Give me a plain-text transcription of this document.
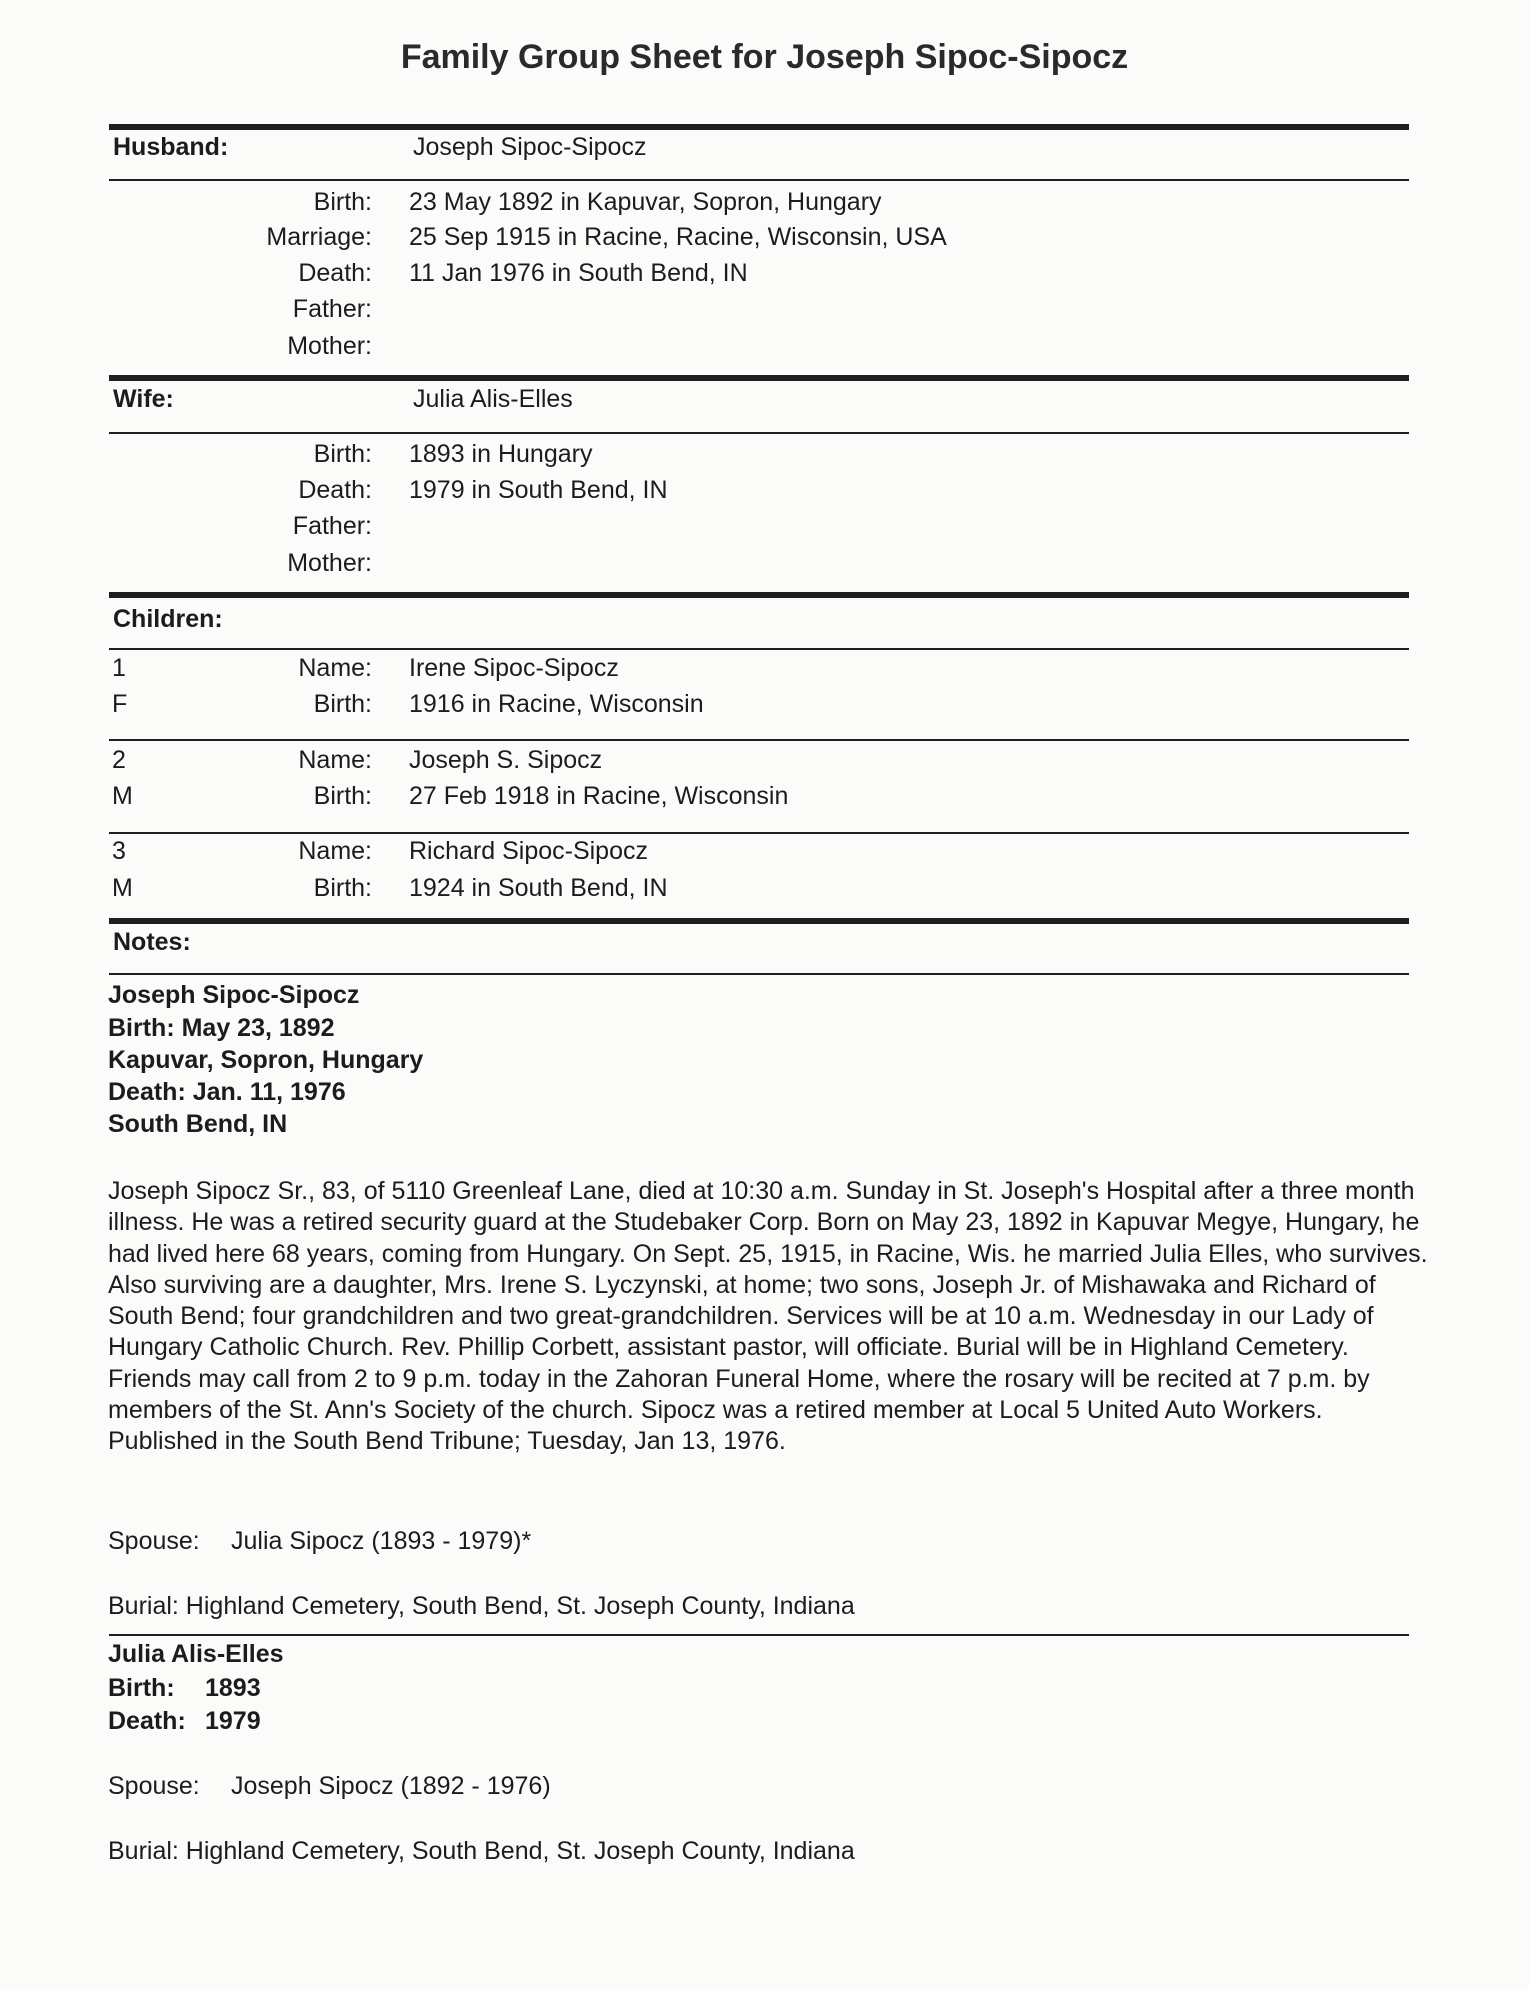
Family Group Sheet for Joseph Sipoc-Sipocz
Husband:	Joseph Sipoc-Sipocz
Birth: 23 May 1892 in Kapuvar, Sopron, Hungary
Marriage: 25 Sep 1915 in Racine, Racine, Wisconsin, USA
Death: 11 Jan 1976 in South Bend, IN
Father:
Mother:
Wife:	Julia Alis-Elles
Birth: 1893 in Hungary
Death: 1979 in South Bend, IN
Father:
Mother:
Children:
1	Name: Irene Sipoc-Sipocz
F	Birth: 1916 in Racine, Wisconsin
2	Name: Joseph S. Sipocz
M	Birth: 27 Feb 1918 in Racine, Wisconsin
3	Name: Richard Sipoc-Sipocz
M	Birth: 1924 in South Bend, IN
Notes:
Joseph Sipoc-Sipocz
Birth: May 23, 1892
Kapuvar, Sopron, Hungary
Death: Jan. 11, 1976
South Bend, IN

Joseph Sipocz Sr., 83, of 5110 Greenleaf Lane, died at 10:30 a.m. Sunday in St. Joseph's Hospital after a three month illness. He was a retired security guard at the Studebaker Corp. Born on May 23, 1892 in Kapuvar Megye, Hungary, he had lived here 68 years, coming from Hungary. On Sept. 25, 1915, in Racine, Wis. he married Julia Elles, who survives. Also surviving are a daughter, Mrs. Irene S. Lyczynski, at home; two sons, Joseph Jr. of Mishawaka and Richard of South Bend; four grandchildren and two great-grandchildren. Services will be at 10 a.m. Wednesday in our Lady of Hungary Catholic Church. Rev. Phillip Corbett, assistant pastor, will officiate. Burial will be in Highland Cemetery. Friends may call from 2 to 9 p.m. today in the Zahoran Funeral Home, where the rosary will be recited at 7 p.m. by members of the St. Ann's Society of the church. Sipocz was a retired member at Local 5 United Auto Workers. Published in the South Bend Tribune; Tuesday, Jan 13, 1976.

Spouse: Julia Sipocz (1893 - 1979)*
Burial: Highland Cemetery, South Bend, St. Joseph County, Indiana
Julia Alis-Elles
Birth: 1893
Death: 1979
Spouse: Joseph Sipocz (1892 - 1976)
Burial: Highland Cemetery, South Bend, St. Joseph County, Indiana
